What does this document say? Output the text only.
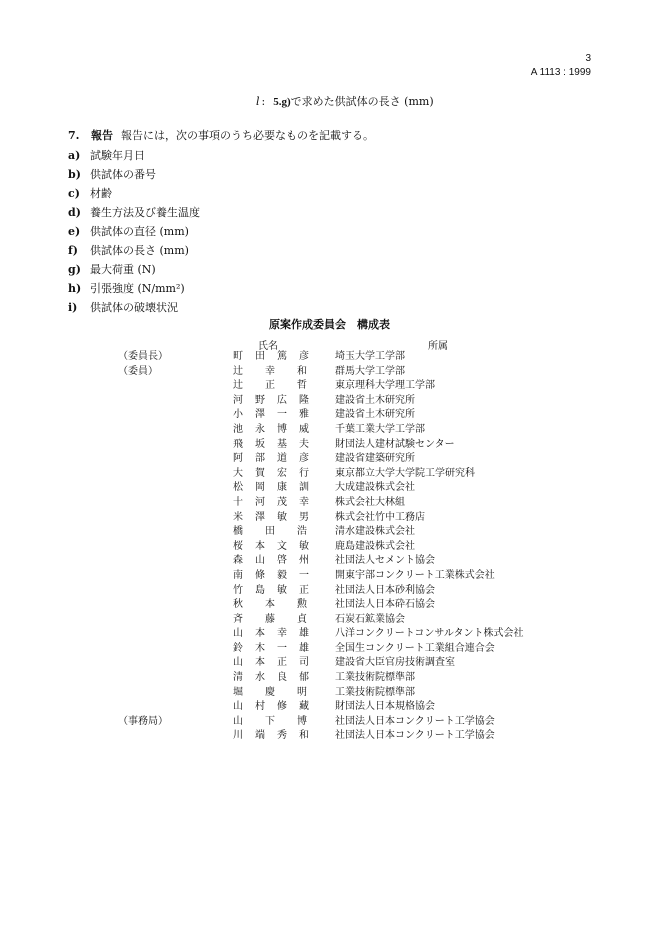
3
A 1113 : 1999
l : 5.g)で求めた供試体の長さ (mm)
7. 報告 報告には，次の事項のうち必要なものを記載する。
a) 試験年月日
b) 供試体の番号
c) 材齢
d) 養生方法及び養生温度
e) 供試体の直径 (mm)
f) 供試体の長さ (mm)
g) 最大荷重 (N)
h) 引張強度 (N/mm²)
i) 供試体の破壊状況
原案作成委員会　構成表
氏名	所属
（委員長）	町田篤彦 埼玉大学工学部
（委員）	辻幸和 群馬大学工学部
辻正哲 東京理科大学理工学部
河野広隆 建設省土木研究所
小澤一雅 建設省土木研究所
池永博威 千葉工業大学工学部
飛坂基夫 財団法人建材試験センター
阿部道彦 建設省建築研究所
大賀宏行 東京都立大学大学院工学研究科
松岡康訓 大成建設株式会社
十河茂幸 株式会社大林組
米澤敏男 株式会社竹中工務店
橋田浩 清水建設株式会社
桜本文敏 鹿島建設株式会社
森山啓州 社団法人セメント協会
南條毅一 開東宇部コンクリート工業株式会社
竹島敏正 社団法人日本砂利協会
秋本勲 社団法人日本砕石協会
斉藤貞 石炭石鉱業協会
山本幸雄 八洋コンクリートコンサルタント株式会社
鈴木一雄 全国生コンクリート工業組合連合会
山本正司 建設省大臣官房技術調査室
清水良郁 工業技術院標準部
堀慶明 工業技術院標準部
山村修藏 財団法人日本規格協会
（事務局）	山下博 社団法人日本コンクリート工学協会
川端秀和 社団法人日本コンクリート工学協会
